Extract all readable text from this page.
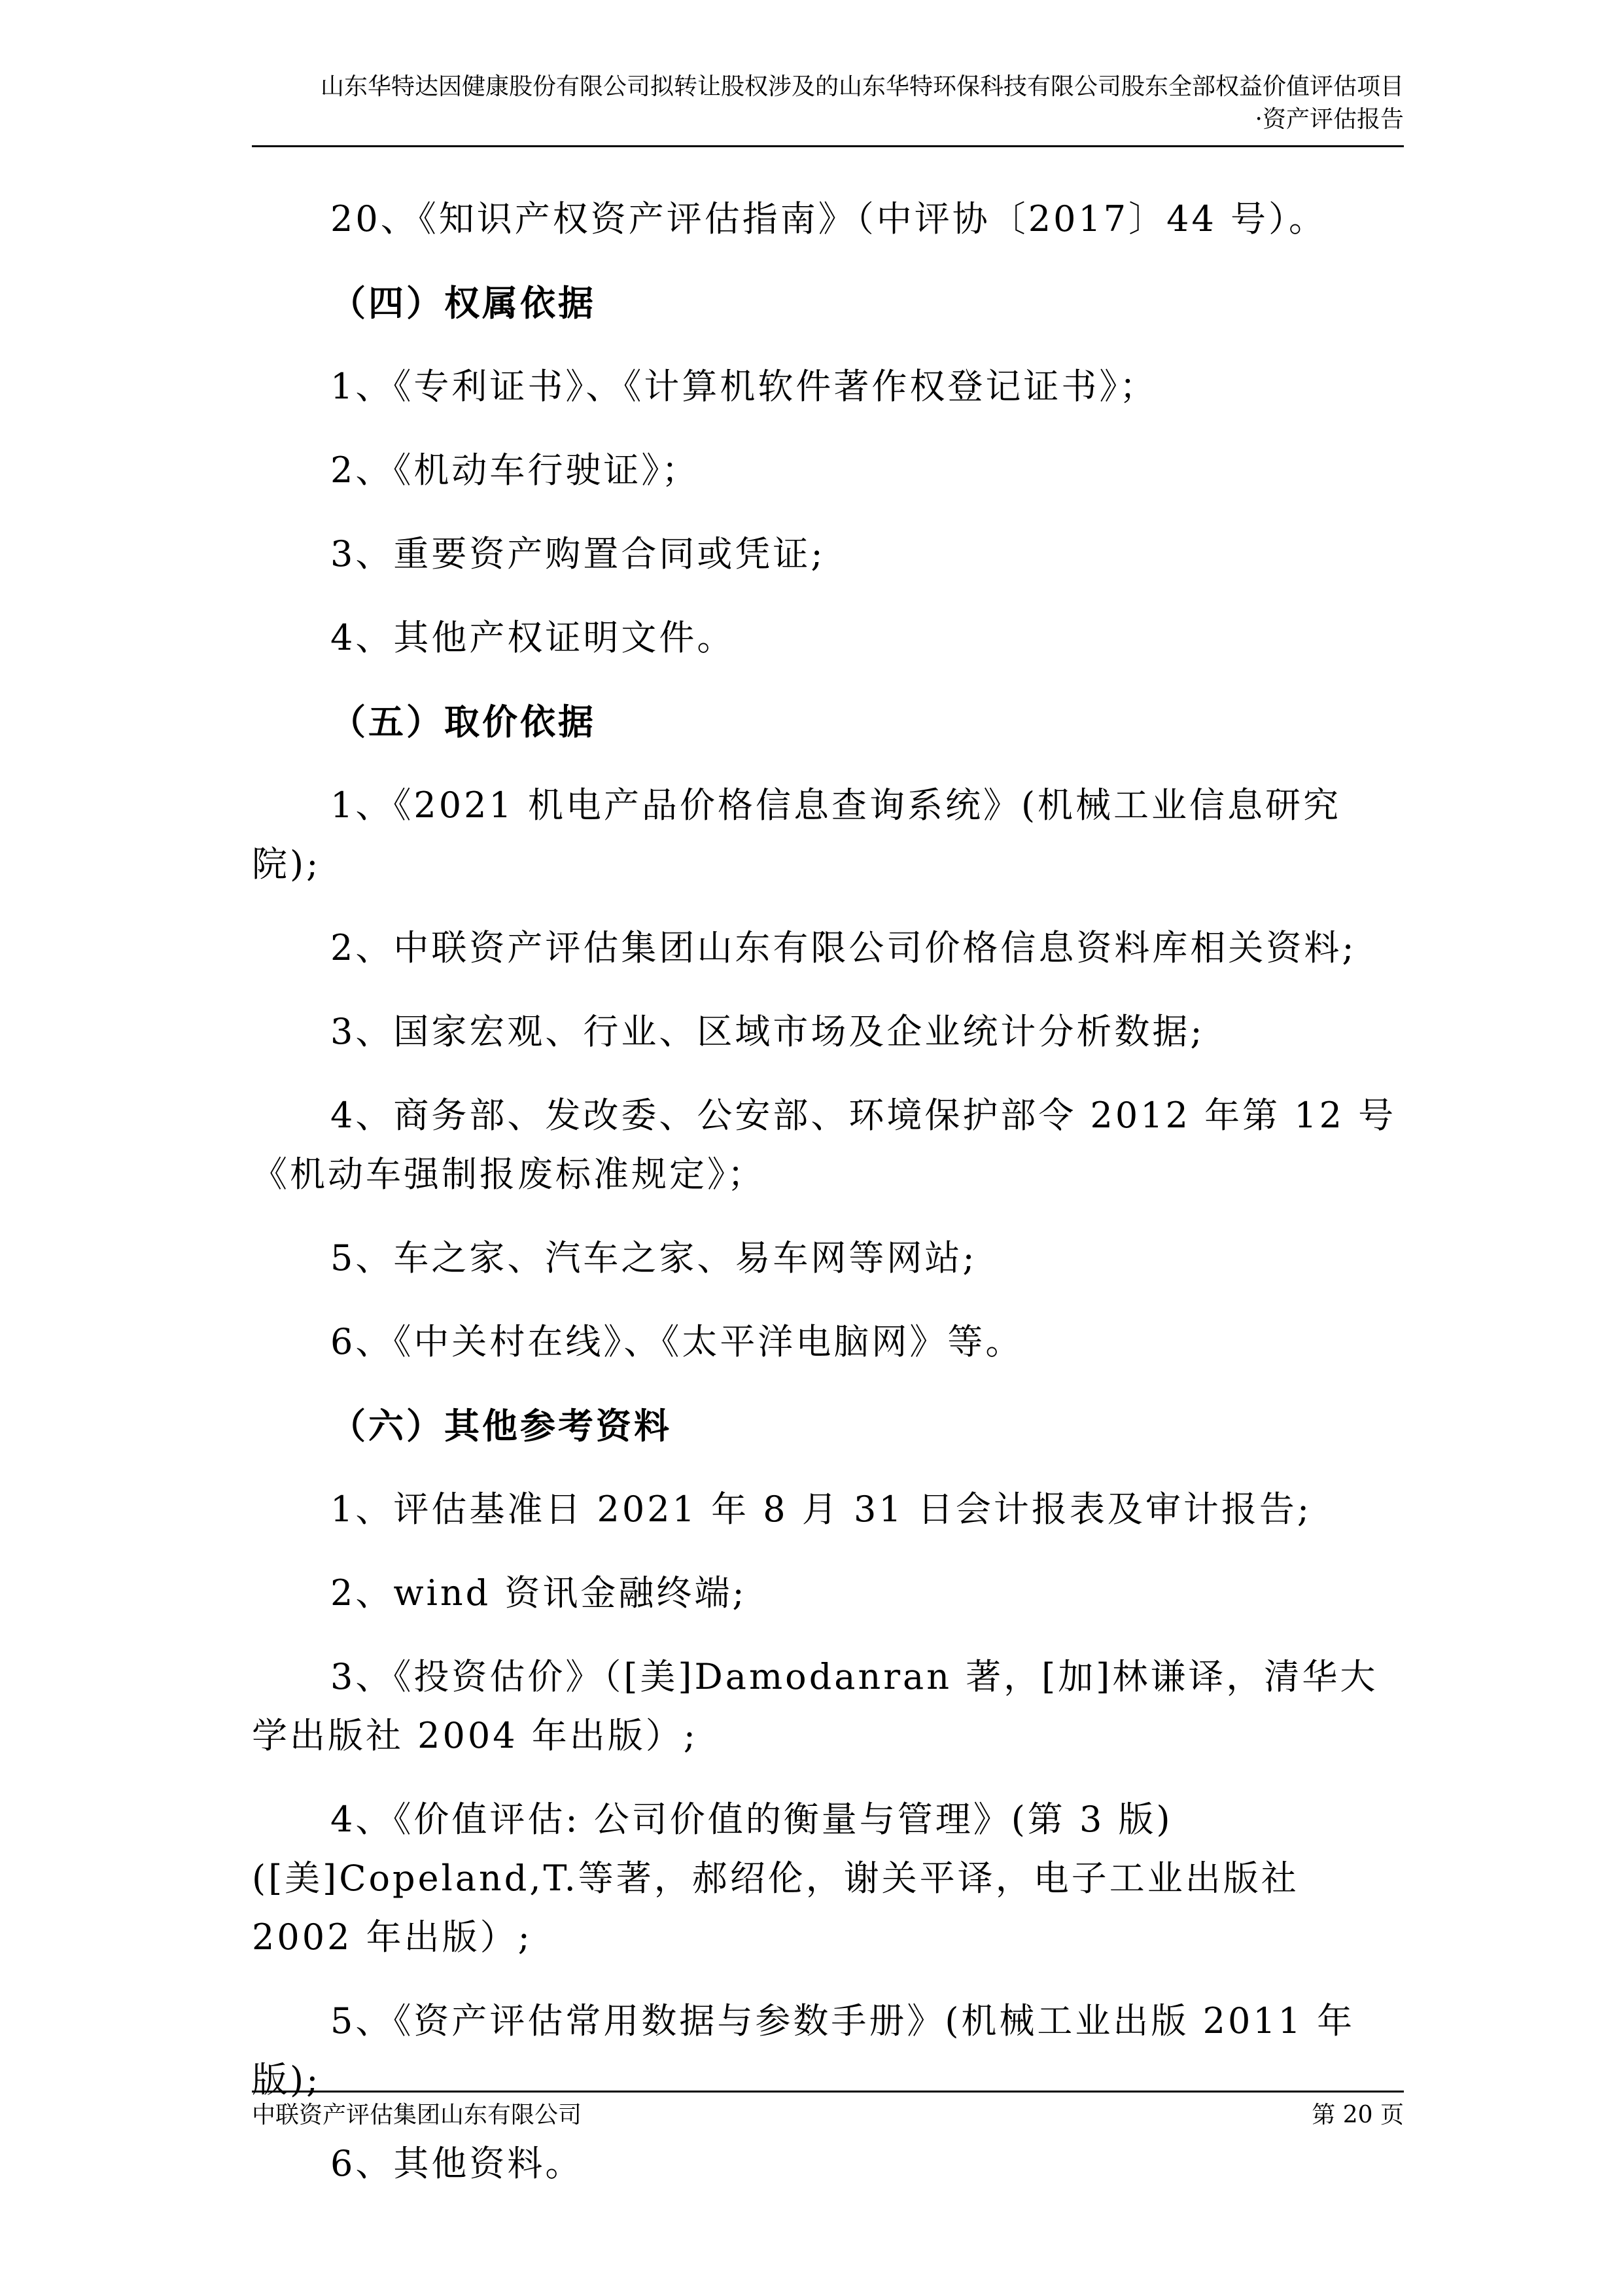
山东华特达因健康股份有限公司拟转让股权涉及的山东华特环保科技有限公司股东全部权益价值评估项目
·资产评估报告

20、《知识产权资产评估指南》（中评协〔2017〕44 号）。

（四）权属依据

1、《专利证书》、《计算机软件著作权登记证书》；

2、《机动车行驶证》；

3、重要资产购置合同或凭证;

4、其他产权证明文件。

（五）取价依据

1、《2021 机电产品价格信息查询系统》(机械工业信息研究院);

2、中联资产评估集团山东有限公司价格信息资料库相关资料;

3、国家宏观、行业、区域市场及企业统计分析数据;

4、商务部、发改委、公安部、环境保护部令 2012 年第 12 号《机动车强制报废标准规定》；

5、车之家、汽车之家、易车网等网站;

6、《中关村在线》、《太平洋电脑网》等。

（六）其他参考资料

1、评估基准日 2021 年 8 月 31 日会计报表及审计报告;

2、wind 资讯金融终端;

3、《投资估价》（[美]Damodanran 著，[加]林谦译，清华大学出版社 2004 年出版）;

4、《价值评估: 公司价值的衡量与管理》(第 3 版)([美]Copeland,T.等著，郝绍伦，谢关平译，电子工业出版社 2002 年出版）;

5、《资产评估常用数据与参数手册》(机械工业出版 2011 年版);

6、其他资料。

中联资产评估集团山东有限公司	第 20 页
